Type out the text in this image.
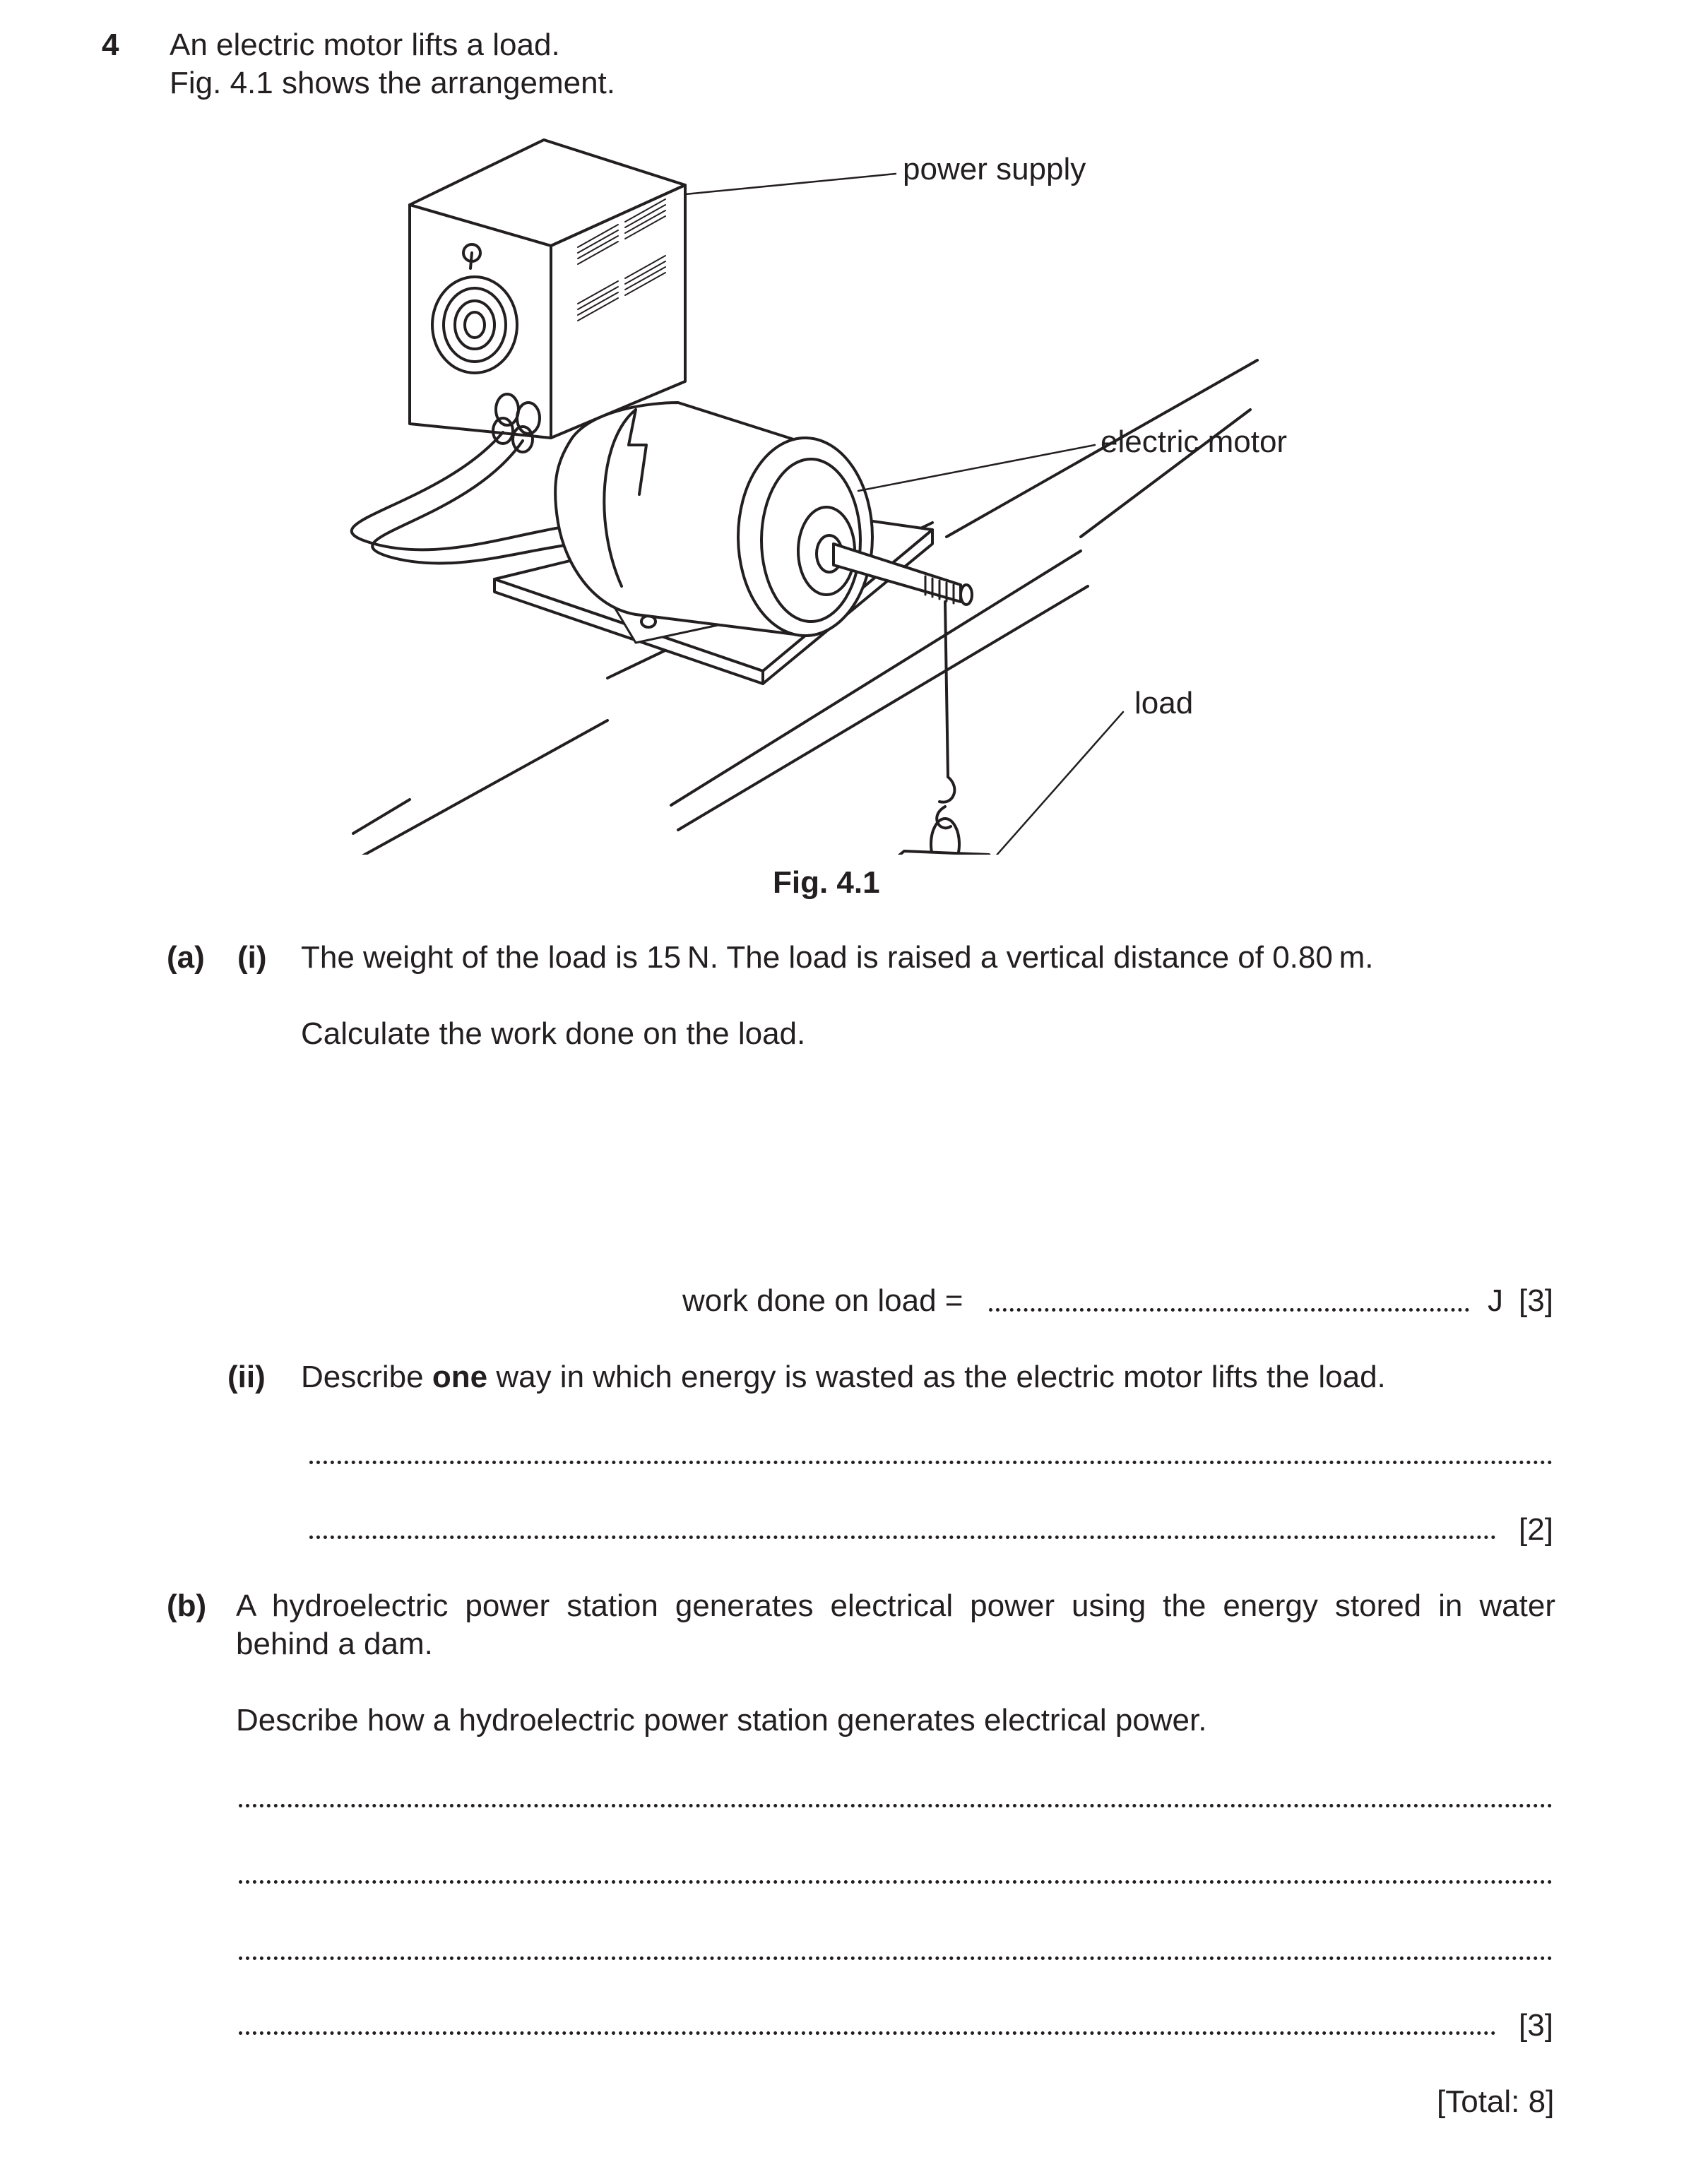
4 An electric motor lifts a load.
Fig. 4.1 shows the arrangement.
power supply
electric motor
load
Fig. 4.1
(a) (i) The weight of the load is 15 N. The load is raised a vertical distance of 0.80 m.
Calculate the work done on the load.
work done on load =	J [3]
(ii) Describe one way in which energy is wasted as the electric motor lifts the load.
[2]
(b) A hydroelectric power station generates electrical power using the energy stored in water
behind a dam.
Describe how a hydroelectric power station generates electrical power.
[3]
[Total: 8]
